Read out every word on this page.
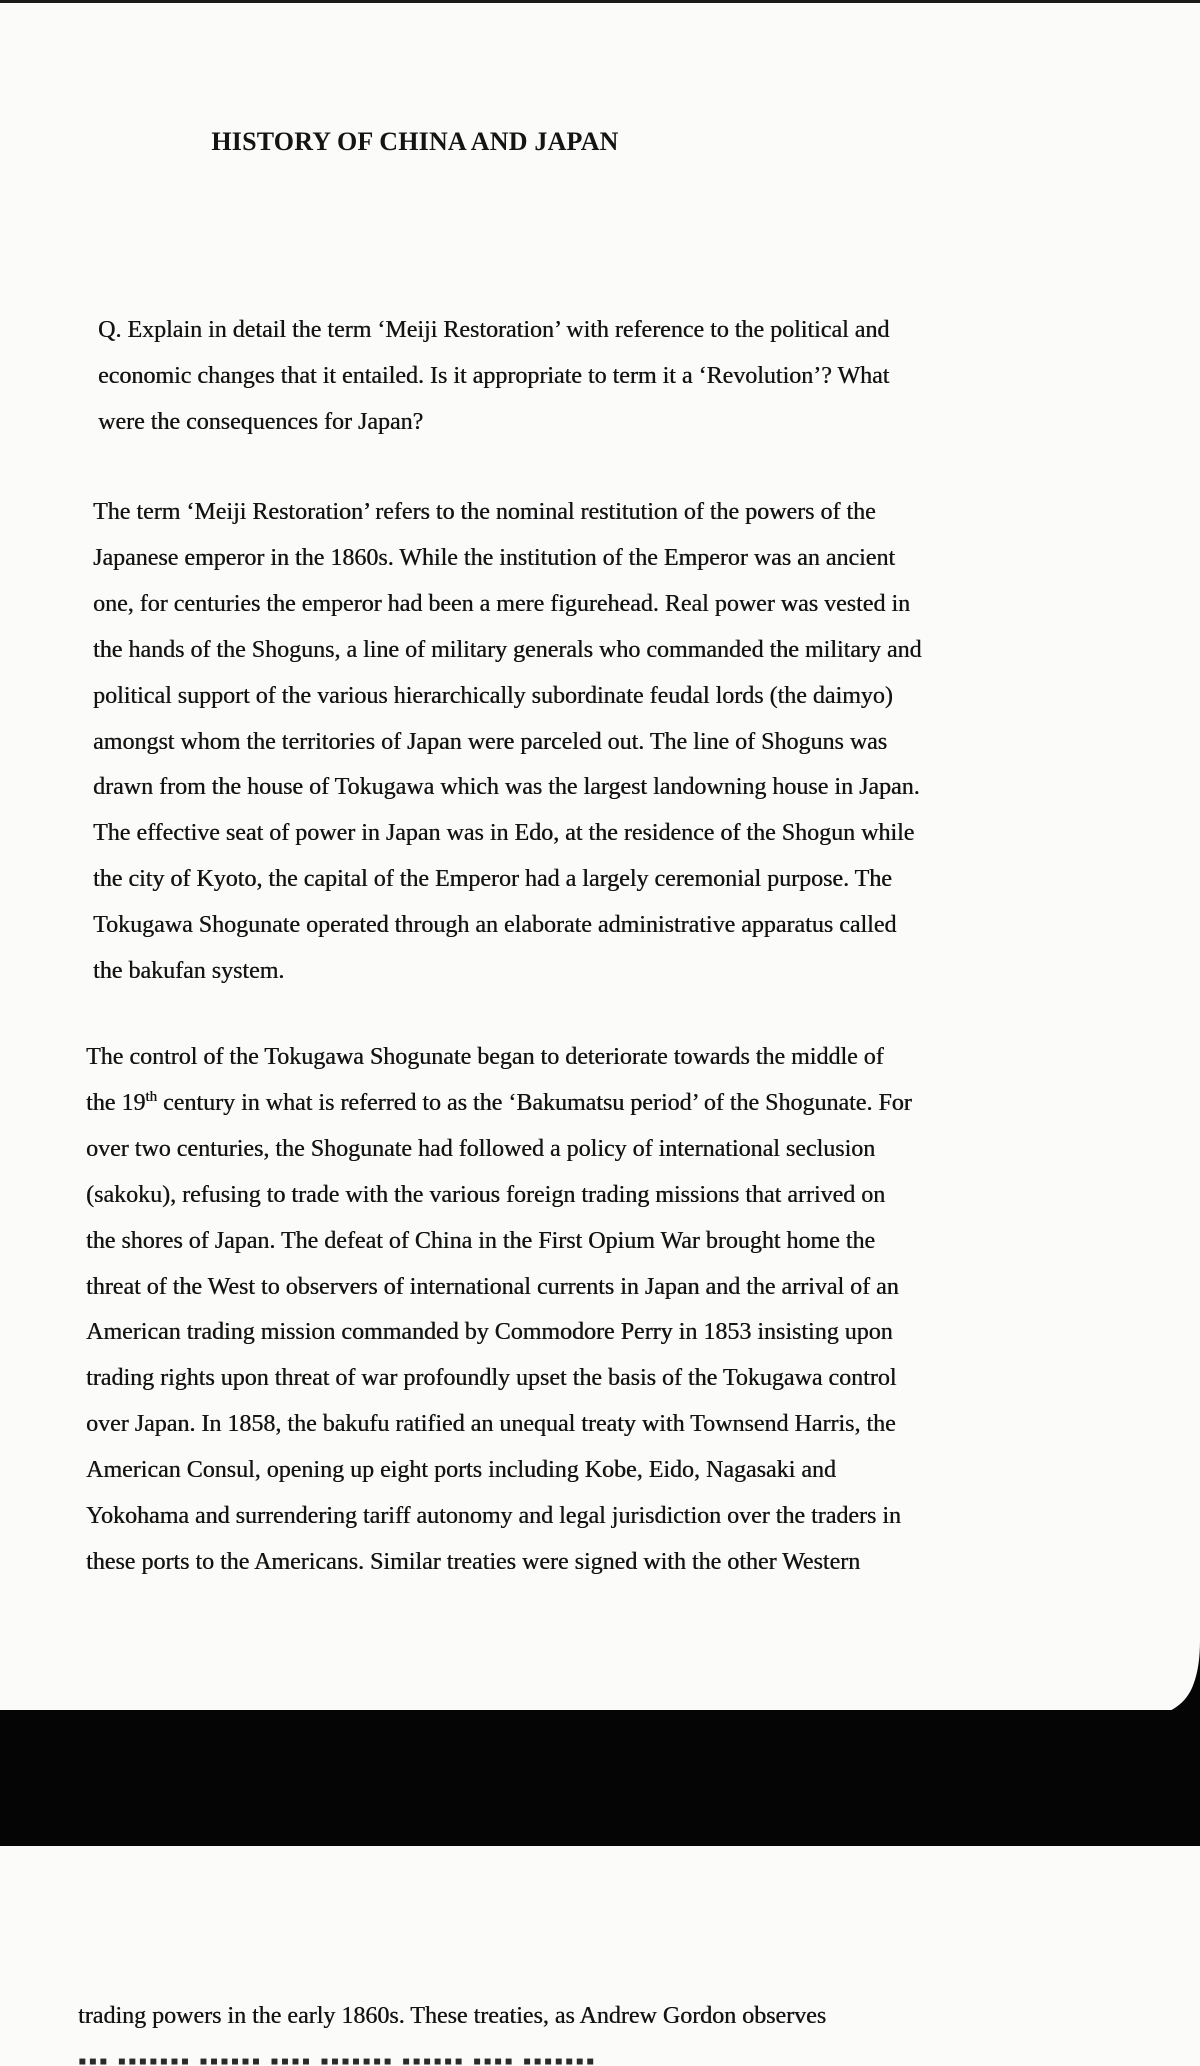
HISTORY OF CHINA AND JAPAN
Q. Explain in detail the term ‘Meiji Restoration’ with reference to the political and
economic changes that it entailed. Is it appropriate to term it a ‘Revolution’? What
were the consequences for Japan?
The term ‘Meiji Restoration’ refers to the nominal restitution of the powers of the
Japanese emperor in the 1860s. While the institution of the Emperor was an ancient
one, for centuries the emperor had been a mere figurehead. Real power was vested in
the hands of the Shoguns, a line of military generals who commanded the military and
political support of the various hierarchically subordinate feudal lords (the daimyo)
amongst whom the territories of Japan were parceled out. The line of Shoguns was
drawn from the house of Tokugawa which was the largest landowning house in Japan.
The effective seat of power in Japan was in Edo, at the residence of the Shogun while
the city of Kyoto, the capital of the Emperor had a largely ceremonial purpose. The
Tokugawa Shogunate operated through an elaborate administrative apparatus called
the bakufan system.
The control of the Tokugawa Shogunate began to deteriorate towards the middle of
the 19th century in what is referred to as the ‘Bakumatsu period’ of the Shogunate. For
over two centuries, the Shogunate had followed a policy of international seclusion
(sakoku), refusing to trade with the various foreign trading missions that arrived on
the shores of Japan. The defeat of China in the First Opium War brought home the
threat of the West to observers of international currents in Japan and the arrival of an
American trading mission commanded by Commodore Perry in 1853 insisting upon
trading rights upon threat of war profoundly upset the basis of the Tokugawa control
over Japan. In 1858, the bakufu ratified an unequal treaty with Townsend Harris, the
American Consul, opening up eight ports including Kobe, Eido, Nagasaki and
Yokohama and surrendering tariff autonomy and legal jurisdiction over the traders in
these ports to the Americans. Similar treaties were signed with the other Western
trading powers in the early 1860s. These treaties, as Andrew Gordon observes
▪▪▪ ▪▪▪▪▪▪▪ ▪▪▪▪▪▪ ▪▪▪▪ ▪▪▪▪▪▪▪ ▪▪▪▪▪▪ ▪▪▪▪ ▪▪▪▪▪▪▪
